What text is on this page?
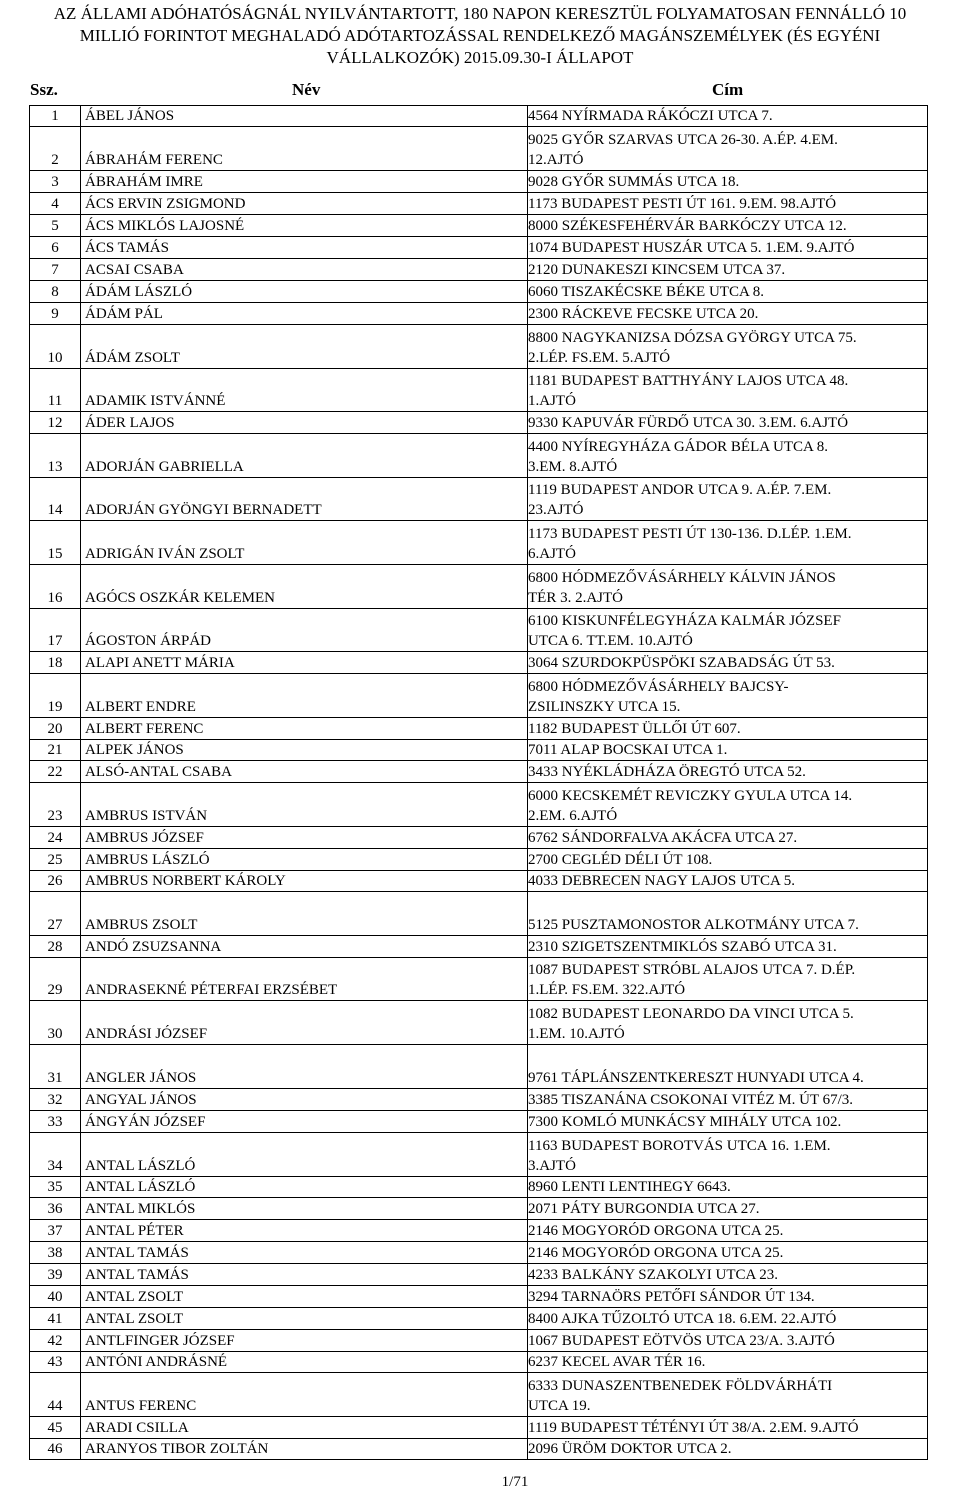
AZ ÁLLAMI ADÓHATÓSÁGNÁL NYILVÁNTARTOTT, 180 NAPON KERESZTÜL FOLYAMATOSAN FENNÁLLÓ 10
MILLIÓ FORINTOT MEGHALADÓ ADÓTARTOZÁSSAL RENDELKEZŐ MAGÁNSZEMÉLYEK (ÉS EGYÉNI
VÁLLALKOZÓK) 2015.09.30-I ÁLLAPOT
Ssz.	Név	Cím
1	ÁBEL JÁNOS	4564 NYÍRMADA RÁKÓCZI UTCA 7.
2	ÁBRAHÁM FERENC	9025 GYŐR SZARVAS UTCA 26-30. A.ÉP. 4.EM.
12.AJTÓ
3	ÁBRAHÁM IMRE	9028 GYŐR SUMMÁS UTCA 18.
4	ÁCS ERVIN ZSIGMOND	1173 BUDAPEST PESTI ÚT 161. 9.EM. 98.AJTÓ
5	ÁCS MIKLÓS LAJOSNÉ	8000 SZÉKESFEHÉRVÁR BARKÓCZY UTCA 12.
6	ÁCS TAMÁS	1074 BUDAPEST HUSZÁR UTCA 5. 1.EM. 9.AJTÓ
7	ACSAI CSABA	2120 DUNAKESZI KINCSEM UTCA 37.
8	ÁDÁM LÁSZLÓ	6060 TISZAKÉCSKE BÉKE UTCA 8.
9	ÁDÁM PÁL	2300 RÁCKEVE FECSKE UTCA 20.
10	ÁDÁM ZSOLT	8800 NAGYKANIZSA DÓZSA GYÖRGY UTCA 75.
2.LÉP. FS.EM. 5.AJTÓ
11	ADAMIK ISTVÁNNÉ	1181 BUDAPEST BATTHYÁNY LAJOS UTCA 48.
1.AJTÓ
12	ÁDER LAJOS	9330 KAPUVÁR FÜRDŐ UTCA 30. 3.EM. 6.AJTÓ
13	ADORJÁN GABRIELLA	4400 NYÍREGYHÁZA GÁDOR BÉLA UTCA 8.
3.EM. 8.AJTÓ
14	ADORJÁN GYÖNGYI BERNADETT	1119 BUDAPEST ANDOR UTCA 9. A.ÉP. 7.EM.
23.AJTÓ
15	ADRIGÁN IVÁN ZSOLT	1173 BUDAPEST PESTI ÚT 130-136. D.LÉP. 1.EM.
6.AJTÓ
16	AGÓCS OSZKÁR KELEMEN	6800 HÓDMEZŐVÁSÁRHELY KÁLVIN JÁNOS
TÉR 3. 2.AJTÓ
17	ÁGOSTON ÁRPÁD	6100 KISKUNFÉLEGYHÁZA KALMÁR JÓZSEF
UTCA 6. TT.EM. 10.AJTÓ
18	ALAPI ANETT MÁRIA	3064 SZURDOKPÜSPÖKI SZABADSÁG ÚT 53.
19	ALBERT ENDRE	6800 HÓDMEZŐVÁSÁRHELY BAJCSY-
ZSILINSZKY UTCA 15.
20	ALBERT FERENC	1182 BUDAPEST ÜLLŐI ÚT 607.
21	ALPEK JÁNOS	7011 ALAP BOCSKAI UTCA 1.
22	ALSÓ-ANTAL CSABA	3433 NYÉKLÁDHÁZA ÖREGTÓ UTCA 52.
23	AMBRUS ISTVÁN	6000 KECSKEMÉT REVICZKY GYULA UTCA 14.
2.EM. 6.AJTÓ
24	AMBRUS JÓZSEF	6762 SÁNDORFALVA AKÁCFA UTCA 27.
25	AMBRUS LÁSZLÓ	2700 CEGLÉD DÉLI ÚT 108.
26	AMBRUS NORBERT KÁROLY	4033 DEBRECEN NAGY LAJOS UTCA 5.
27	AMBRUS ZSOLT	5125 PUSZTAMONOSTOR ALKOTMÁNY UTCA 7.
28	ANDÓ ZSUZSANNA	2310 SZIGETSZENTMIKLÓS SZABÓ UTCA 31.
29	ANDRASEKNÉ PÉTERFAI ERZSÉBET	1087 BUDAPEST STRÓBL ALAJOS UTCA 7. D.ÉP.
1.LÉP. FS.EM. 322.AJTÓ
30	ANDRÁSI JÓZSEF	1082 BUDAPEST LEONARDO DA VINCI UTCA 5.
1.EM. 10.AJTÓ
31	ANGLER JÁNOS	9761 TÁPLÁNSZENTKERESZT HUNYADI UTCA 4.
32	ANGYAL JÁNOS	3385 TISZANÁNA CSOKONAI VITÉZ M. ÚT 67/3.
33	ÁNGYÁN JÓZSEF	7300 KOMLÓ MUNKÁCSY MIHÁLY UTCA 102.
34	ANTAL LÁSZLÓ	1163 BUDAPEST BOROTVÁS UTCA 16. 1.EM.
3.AJTÓ
35	ANTAL LÁSZLÓ	8960 LENTI LENTIHEGY 6643.
36	ANTAL MIKLÓS	2071 PÁTY BURGONDIA UTCA 27.
37	ANTAL PÉTER	2146 MOGYORÓD ORGONA UTCA 25.
38	ANTAL TAMÁS	2146 MOGYORÓD ORGONA UTCA 25.
39	ANTAL TAMÁS	4233 BALKÁNY SZAKOLYI UTCA 23.
40	ANTAL ZSOLT	3294 TARNAÖRS PETŐFI SÁNDOR ÚT 134.
41	ANTAL ZSOLT	8400 AJKA TŰZOLTÓ UTCA 18. 6.EM. 22.AJTÓ
42	ANTLFINGER JÓZSEF	1067 BUDAPEST EÖTVÖS UTCA 23/A. 3.AJTÓ
43	ANTÓNI ANDRÁSNÉ	6237 KECEL AVAR TÉR 16.
44	ANTUS FERENC	6333 DUNASZENTBENEDEK FÖLDVÁRHÁTI
UTCA 19.
45	ARADI CSILLA	1119 BUDAPEST TÉTÉNYI ÚT 38/A. 2.EM. 9.AJTÓ
46	ARANYOS TIBOR ZOLTÁN	2096 ÜRÖM DOKTOR UTCA 2.
1/71
